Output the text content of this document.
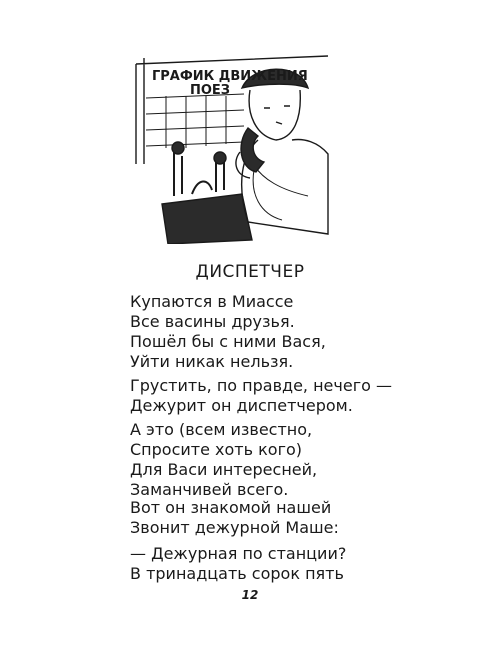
ГРАФИК ДВИЖЕНИЯ
ПОЕЗ
ДИСПЕТЧЕР
Купаются в Миассе
Все васины друзья.
Пошёл бы с ними Вася,
Уйти никак нельзя.
Грустить, по правде, нечего —
Дежурит он диспетчером.
А это (всем известно,
Спросите хоть кого)
Для Васи интересней,
Заманчивей всего.
Вот он знакомой нашей
Звонит дежурной Маше:
— Дежурная по станции?
В тринадцать сорок пять
12
